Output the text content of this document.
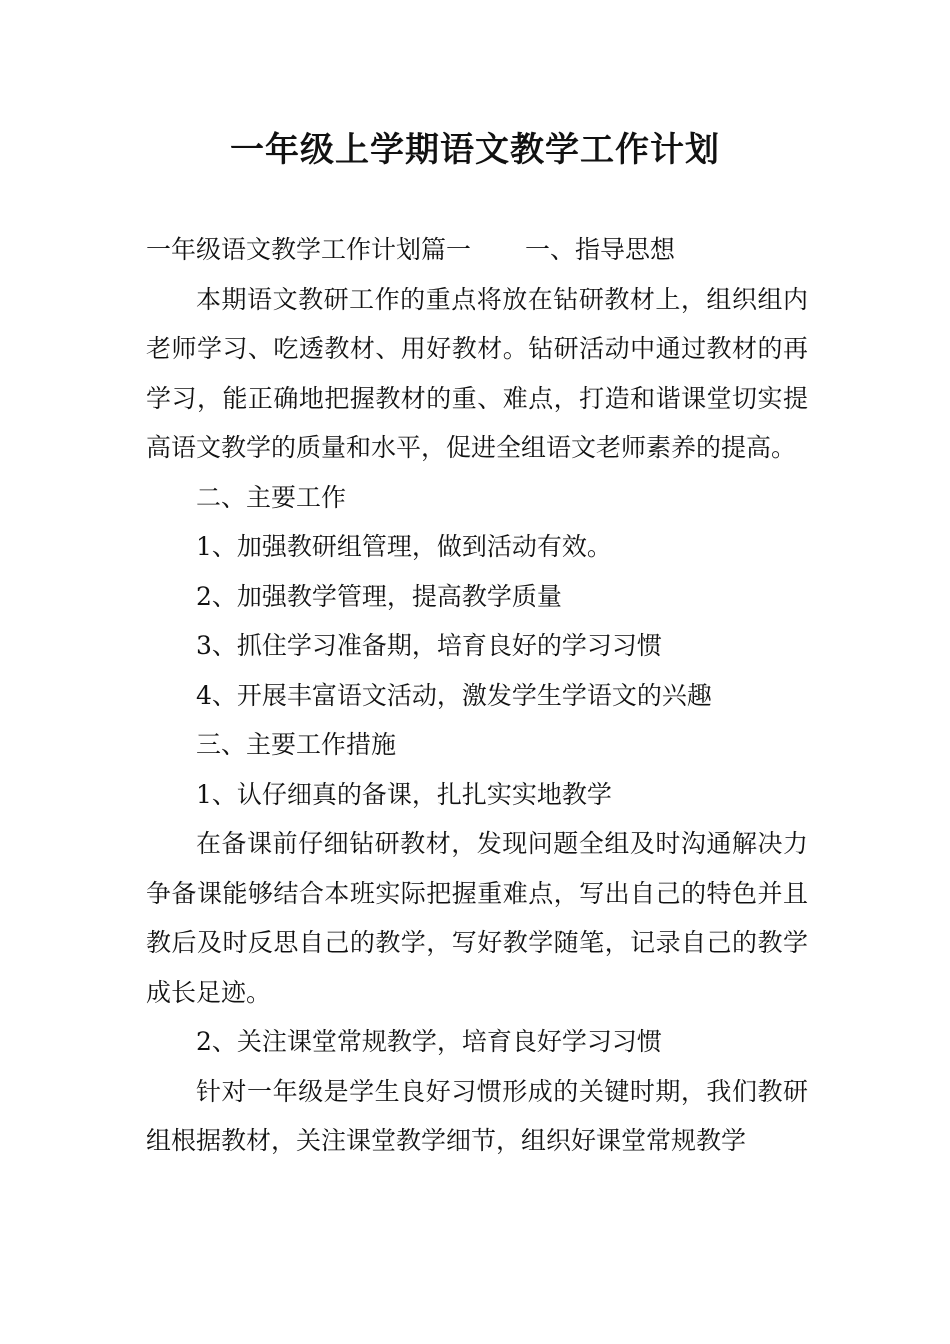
一年级上学期语文教学工作计划

一年级语文教学工作计划篇一 一、指导思想

本期语文教研工作的重点将放在钻研教材上，组织组内老师学习、吃透教材、用好教材。钻研活动中通过教材的再学习，能正确地把握教材的重、难点，打造和谐课堂切实提高语文教学的质量和水平，促进全组语文老师素养的提高。

二、主要工作

1、加强教研组管理，做到活动有效。

2、加强教学管理，提高教学质量

3、抓住学习准备期，培育良好的学习习惯

4、开展丰富语文活动，激发学生学语文的兴趣

三、主要工作措施

1、认仔细真的备课，扎扎实实地教学

在备课前仔细钻研教材，发现问题全组及时沟通解决力争备课能够结合本班实际把握重难点，写出自己的特色并且教后及时反思自己的教学，写好教学随笔，记录自己的教学成长足迹。

2、关注课堂常规教学，培育良好学习习惯

针对一年级是学生良好习惯形成的关键时期，我们教研组根据教材，关注课堂教学细节，组织好课堂常规教学
